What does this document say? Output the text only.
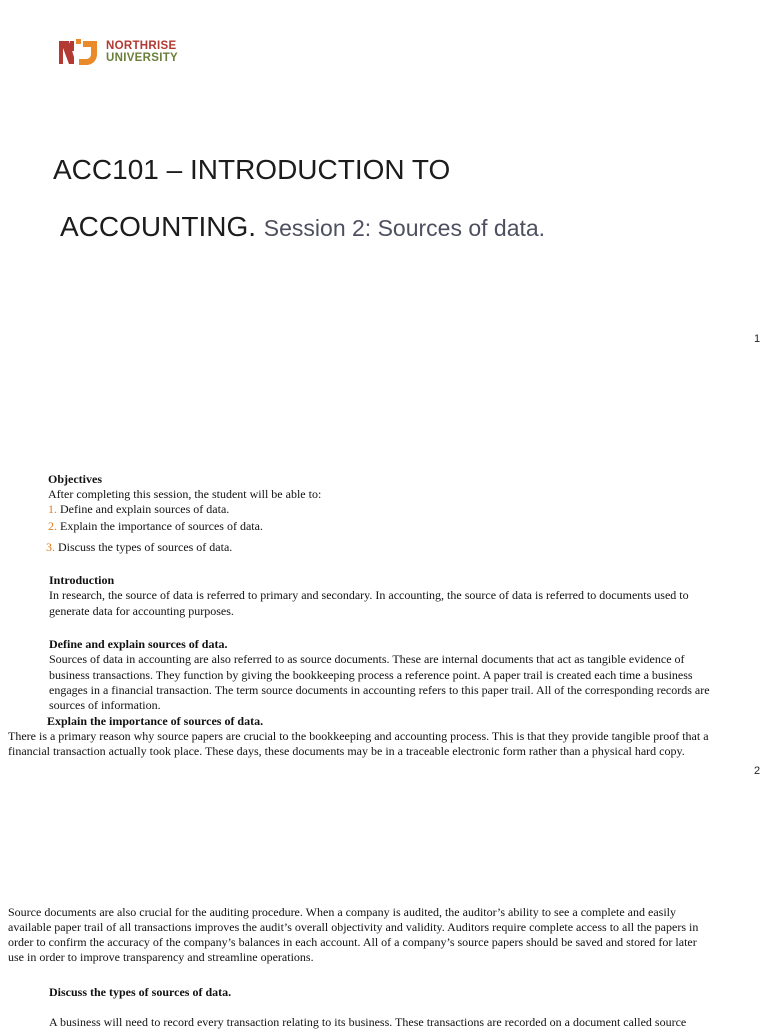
NORTHRISE
UNIVERSITY
ACC101 – INTRODUCTION TO
ACCOUNTING. Session 2: Sources of data.
1
Objectives
After completing this session, the student will be able to:
1. Define and explain sources of data.
2. Explain the importance of sources of data.
3. Discuss the types of sources of data.
Introduction
In research, the source of data is referred to primary and secondary. In accounting, the source of data is referred to documents used to
generate data for accounting purposes.
Define and explain sources of data.
Sources of data in accounting are also referred to as source documents. These are internal documents that act as tangible evidence of
business transactions. They function by giving the bookkeeping process a reference point. A paper trail is created each time a business
engages in a financial transaction. The term source documents in accounting refers to this paper trail. All of the corresponding records are
sources of information.
Explain the importance of sources of data.
There is a primary reason why source papers are crucial to the bookkeeping and accounting process. This is that they provide tangible proof that a
financial transaction actually took place. These days, these documents may be in a traceable electronic form rather than a physical hard copy.
2
Source documents are also crucial for the auditing procedure. When a company is audited, the auditor’s ability to see a complete and easily
available paper trail of all transactions improves the audit’s overall objectivity and validity. Auditors require complete access to all the papers in
order to confirm the accuracy of the company’s balances in each account. All of a company’s source papers should be saved and stored for later
use in order to improve transparency and streamline operations.
Discuss the types of sources of data.
A business will need to record every transaction relating to its business. These transactions are recorded on a document called source
